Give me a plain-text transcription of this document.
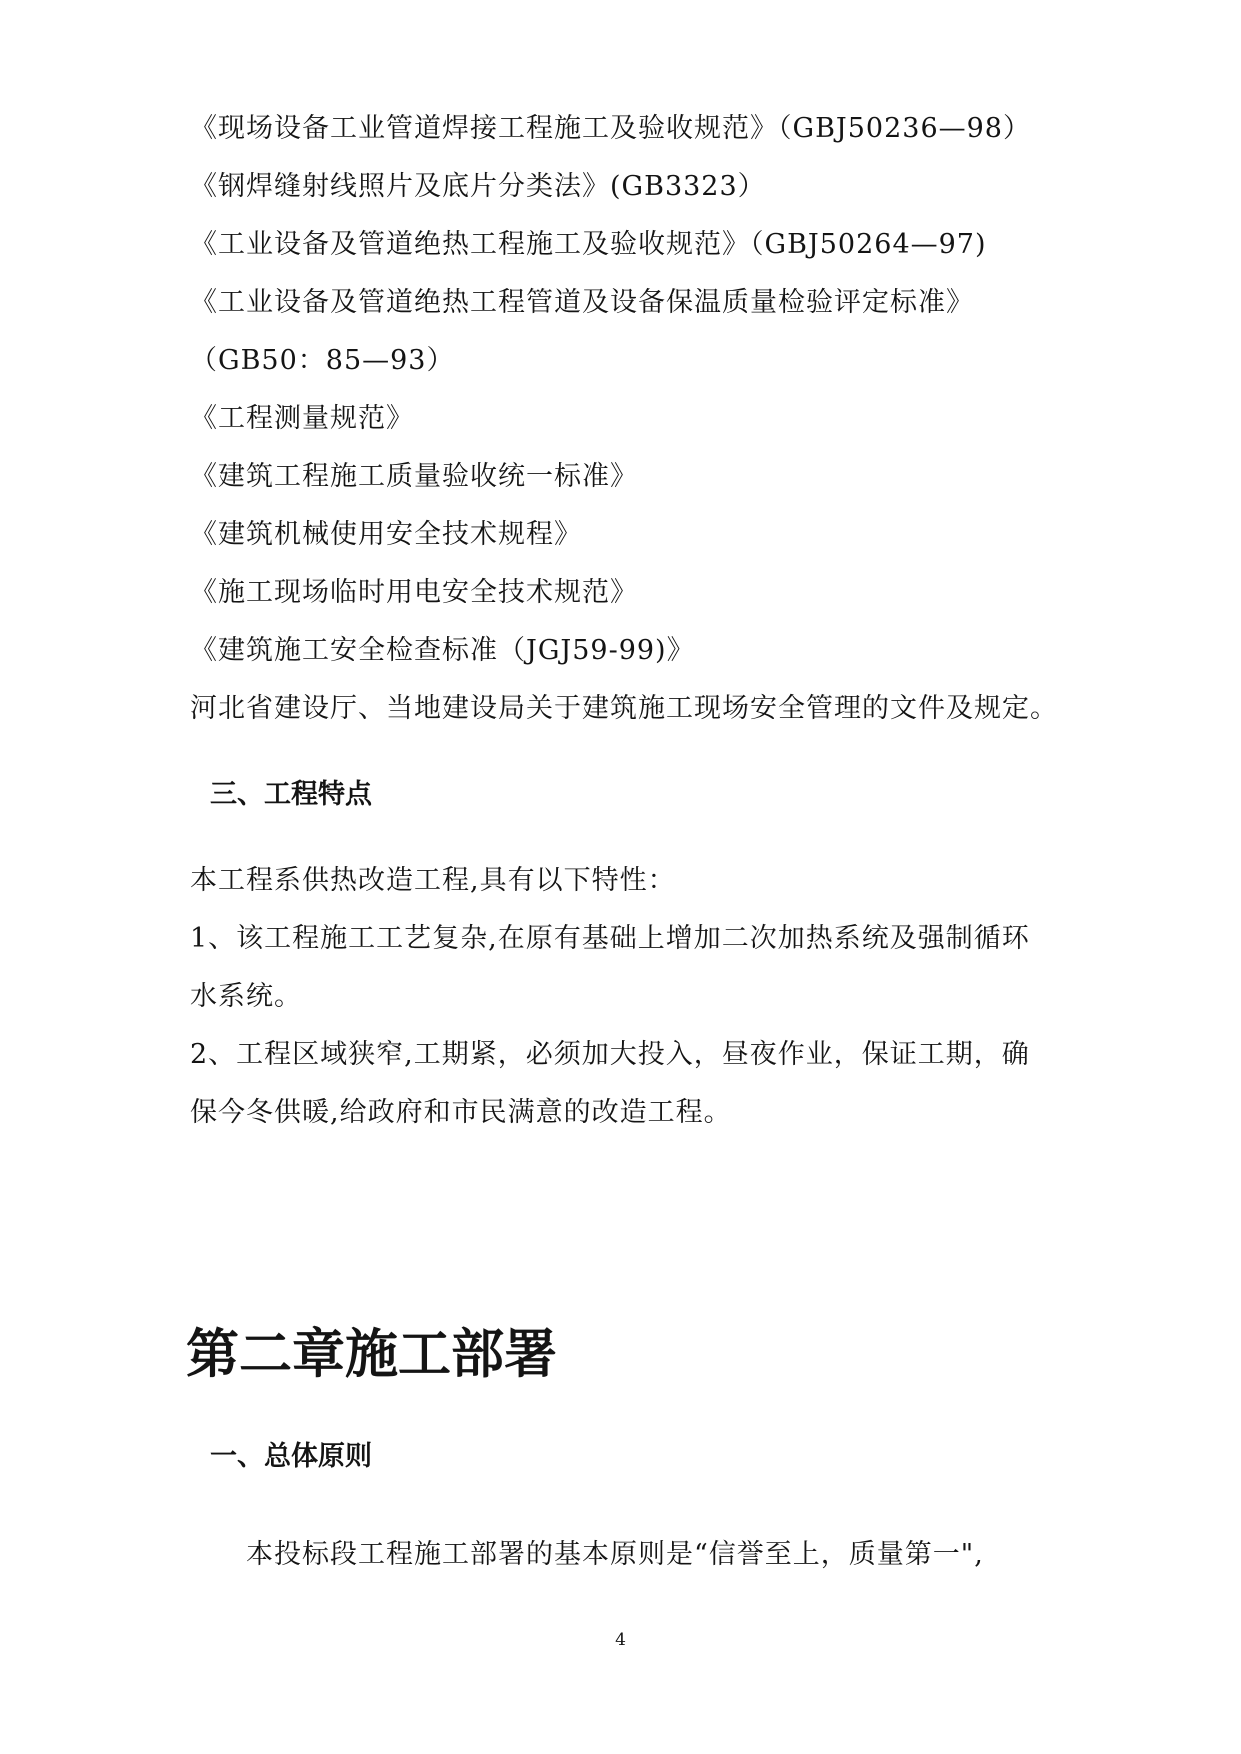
《现场设备工业管道焊接工程施工及验收规范》（GBJ50236—98）
《钢焊缝射线照片及底片分类法》(GB3323）
《工业设备及管道绝热工程施工及验收规范》（GBJ50264—97)
《工业设备及管道绝热工程管道及设备保温质量检验评定标准》
（GB50：85—93）
《工程测量规范》
《建筑工程施工质量验收统一标准》
《建筑机械使用安全技术规程》
《施工现场临时用电安全技术规范》
《建筑施工安全检查标准（JGJ59-99)》
河北省建设厅、当地建设局关于建筑施工现场安全管理的文件及规定。
三、工程特点
本工程系供热改造工程,具有以下特性：
1、该工程施工工艺复杂,在原有基础上增加二次加热系统及强制循环
水系统。
2、工程区域狭窄,工期紧，必须加大投入，昼夜作业，保证工期，确
保今冬供暖,给政府和市民满意的改造工程。
第二章施工部署
一、总体原则
本投标段工程施工部署的基本原则是“信誉至上，质量第一",
4
